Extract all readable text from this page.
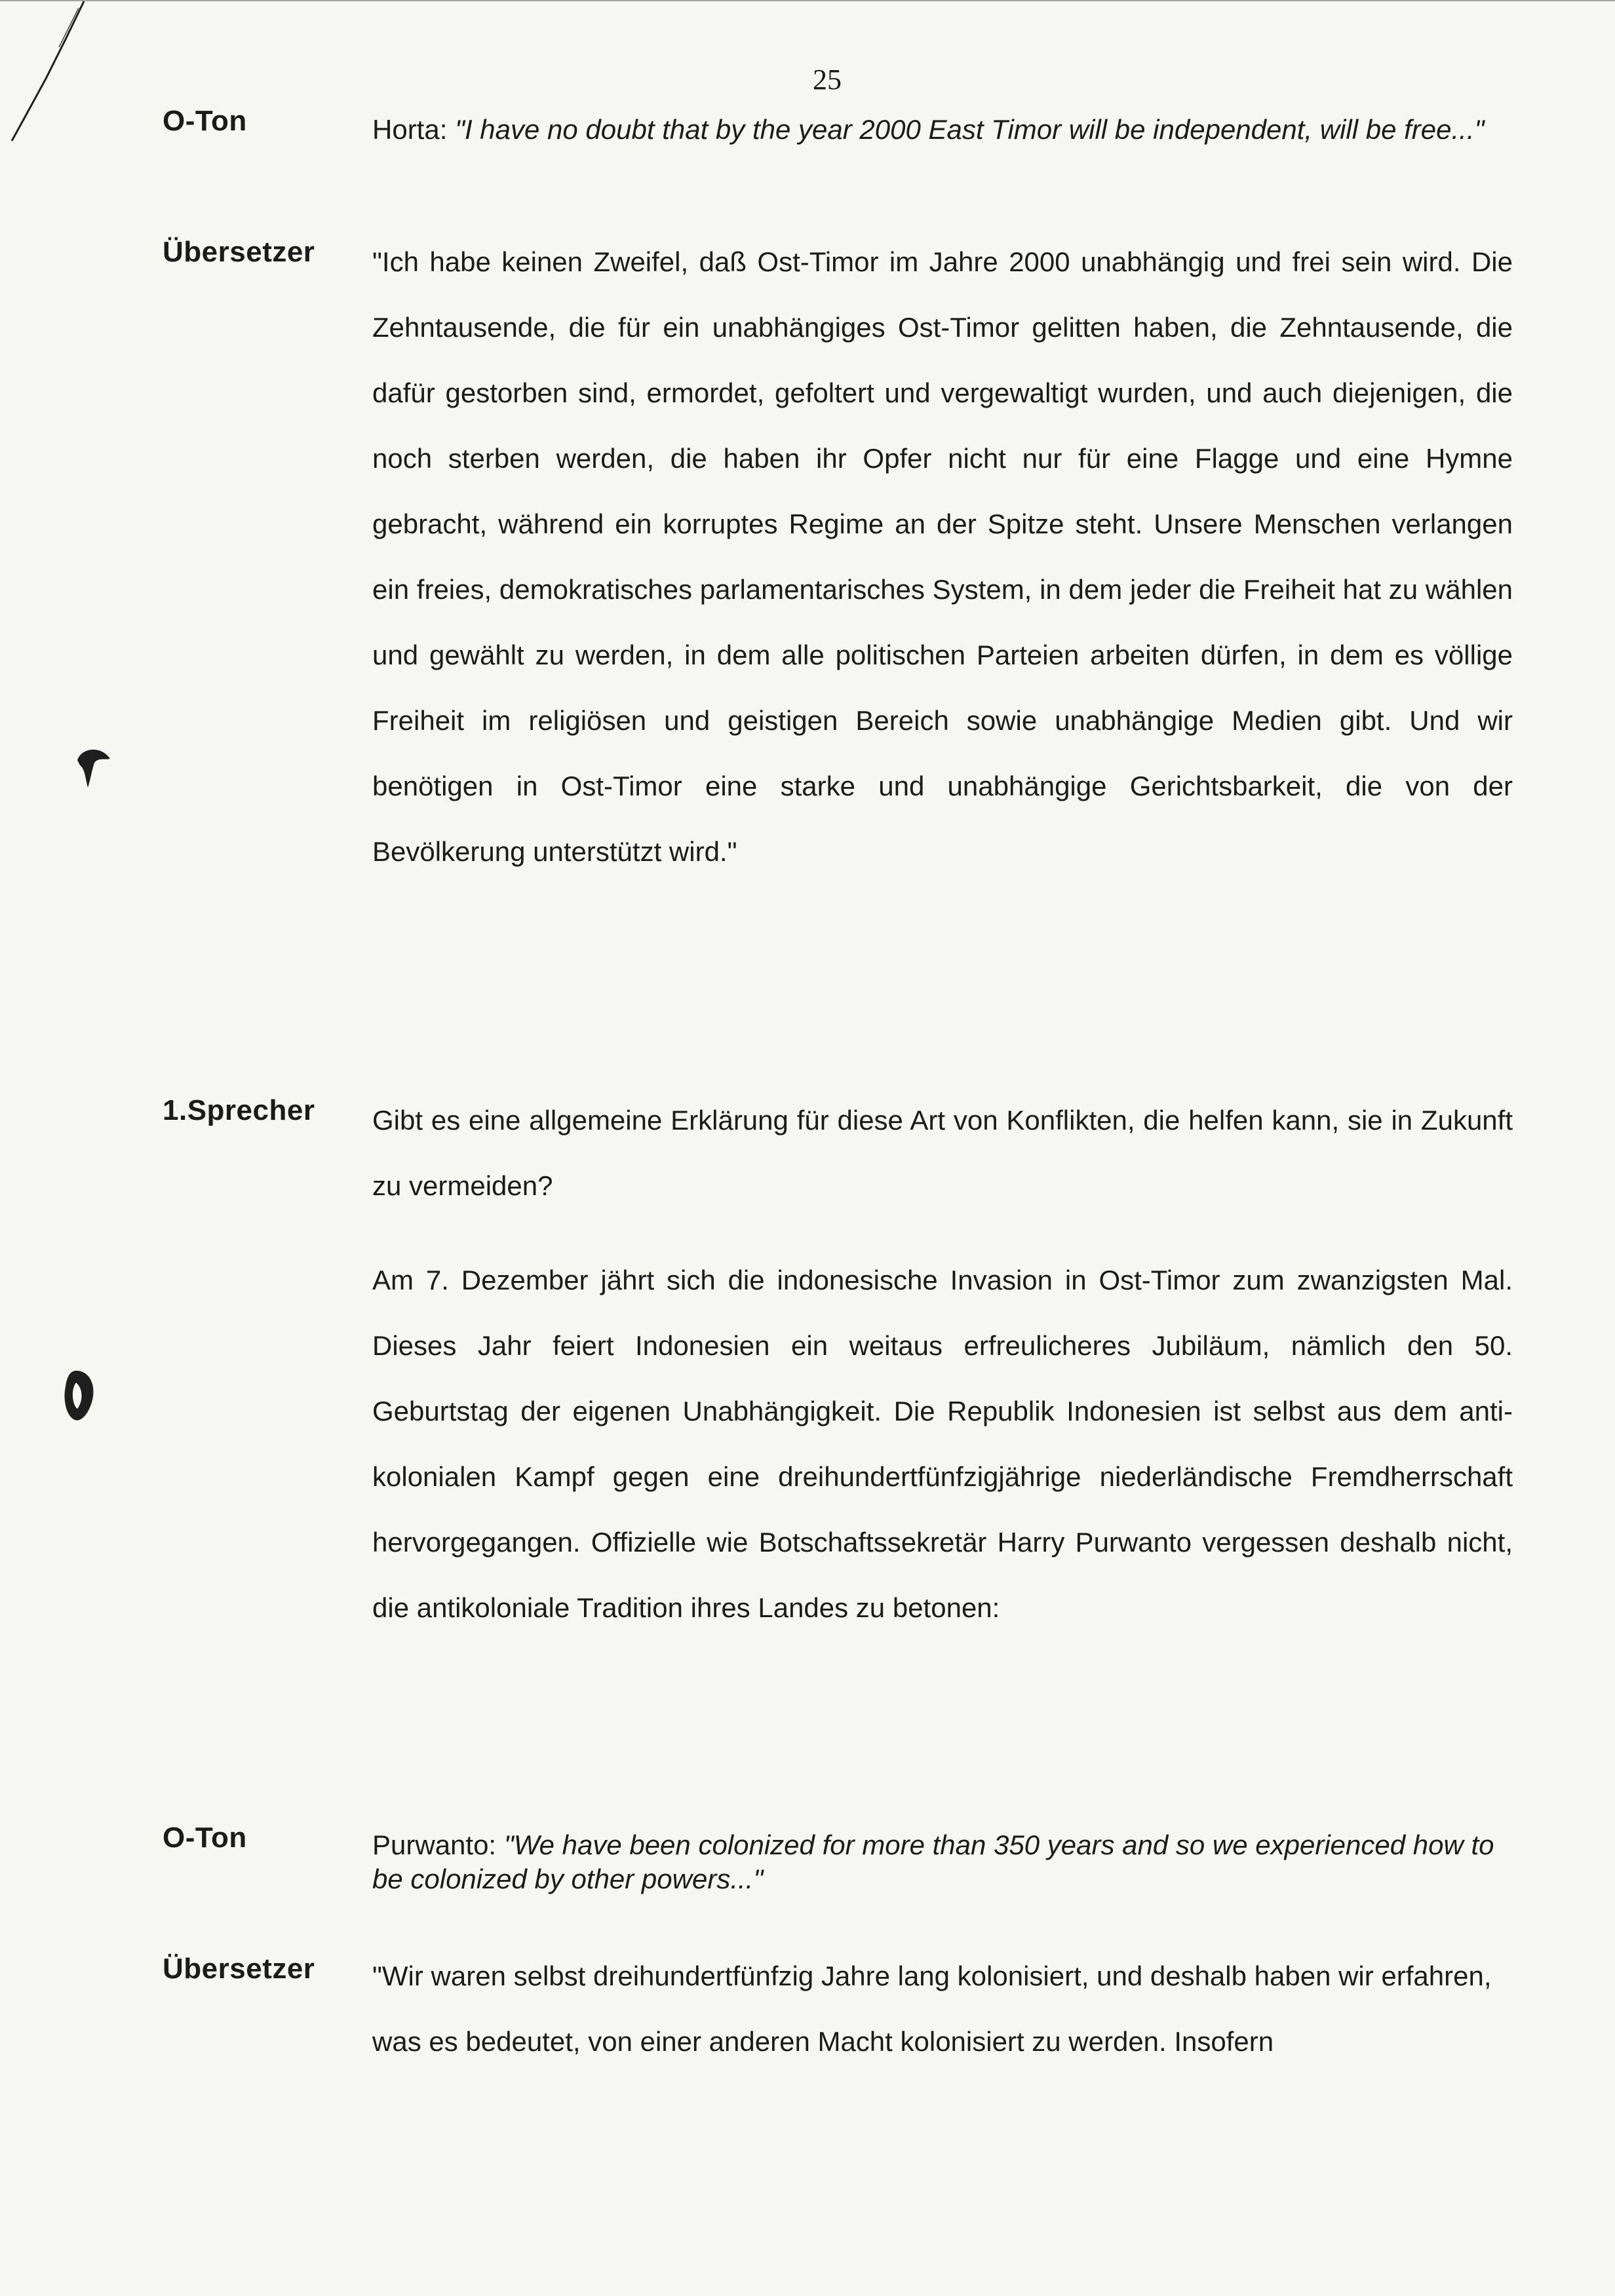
25
O-Ton	Horta: "I have no doubt that by the year 2000 East Timor will be independent, will be free..."
Übersetzer "Ich habe keinen Zweifel, daß Ost-Timor im Jahre 2000 unabhängig und frei sein wird. Die Zehntausende, die für ein unabhängiges Ost-Timor gelitten haben, die Zehntausende, die dafür gestorben sind, ermordet, gefoltert und vergewaltigt wurden, und auch diejenigen, die noch sterben werden, die haben ihr Opfer nicht nur für eine Flagge und eine Hymne gebracht, während ein korruptes Regime an der Spitze steht. Unsere Menschen verlangen ein freies, demokratisches parlamentarisches System, in dem jeder die Freiheit hat zu wählen und gewählt zu werden, in dem alle politischen Parteien arbeiten dürfen, in dem es völlige Freiheit im religiösen und geistigen Bereich sowie unabhängige Medien gibt. Und wir benötigen in Ost-Timor eine starke und unabhängige Gerichtsbarkeit, die von der Bevölkerung unterstützt wird."

1.Sprecher Gibt es eine allgemeine Erklärung für diese Art von Konflikten, die helfen kann, sie in Zukunft zu vermeiden?

Am 7. Dezember jährt sich die indonesische Invasion in Ost-Timor zum zwanzigsten Mal. Dieses Jahr feiert Indonesien ein weitaus erfreulicheres Jubiläum, nämlich den 50. Geburtstag der eigenen Unabhängigkeit. Die Republik Indonesien ist selbst aus dem anti-kolonialen Kampf gegen eine dreihundertfünfzigjährige niederländische Fremdherrschaft hervorgegangen. Offizielle wie Botschaftssekretär Harry Purwanto vergessen deshalb nicht, die antikoloniale Tradition ihres Landes zu betonen:

O-Ton	Purwanto: "We have been colonized for more than 350 years and so we experienced how to be colonized by other powers..."
Übersetzer "Wir waren selbst dreihundertfünfzig Jahre lang kolonisiert, und deshalb haben wir erfahren, was es bedeutet, von einer anderen Macht kolonisiert zu werden. Insofern
